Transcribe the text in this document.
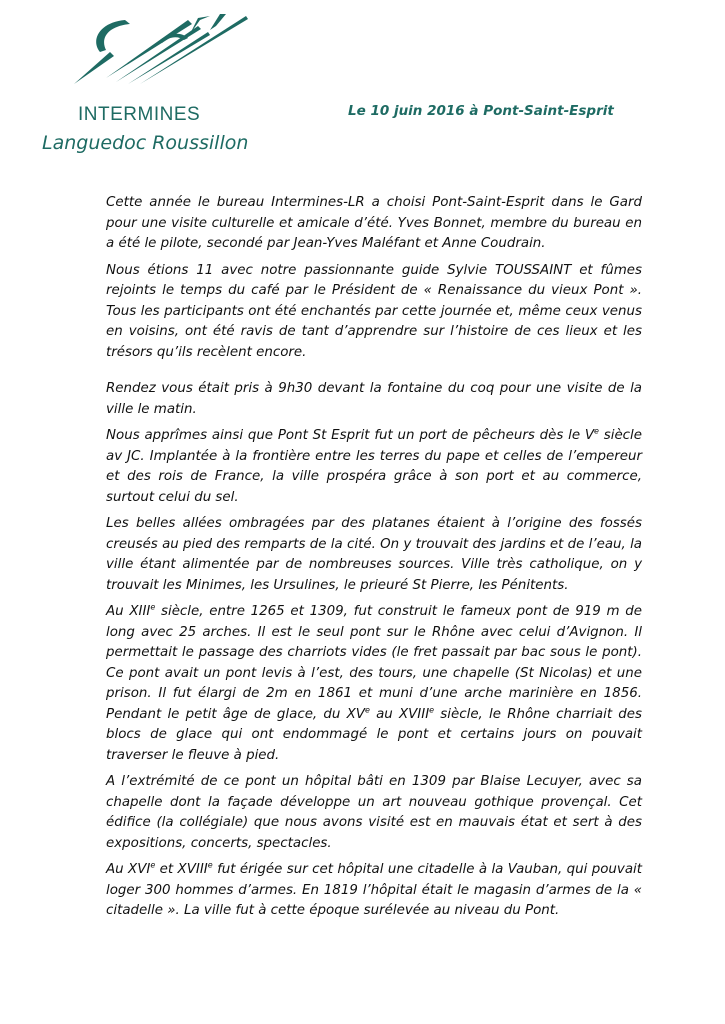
INTERMINES
Languedoc Roussillon
Le 10 juin 2016 à Pont-Saint-Esprit

Cette année le bureau Intermines-LR a choisi Pont-Saint-Esprit dans le Gard pour une visite culturelle et amicale d’été. Yves Bonnet, membre du bureau en a été le pilote, secondé par Jean-Yves Maléfant et Anne Coudrain.

Nous étions 11 avec notre passionnante guide Sylvie TOUSSAINT et fûmes rejoints le temps du café par le Président de « Renaissance du vieux Pont ». Tous les participants ont été enchantés par cette journée et, même ceux venus en voisins, ont été ravis de tant d’apprendre sur l’histoire de ces lieux et les trésors qu’ils recèlent encore.

Rendez vous était pris à 9h30 devant la fontaine du coq pour une visite de la ville le matin.

Nous apprîmes ainsi que Pont St Esprit fut un port de pêcheurs dès le Ve siècle av JC. Implantée à la frontière entre les terres du pape et celles de l’empereur et des rois de France, la ville prospéra grâce à son port et au commerce, surtout celui du sel.

Les belles allées ombragées par des platanes étaient à l’origine des fossés creusés au pied des remparts de la cité. On y trouvait des jardins et de l’eau, la ville étant alimentée par de nombreuses sources. Ville très catholique, on y trouvait les Minimes, les Ursulines, le prieuré St Pierre, les Pénitents.

Au XIIIe siècle, entre 1265 et 1309, fut construit le fameux pont de 919 m de long avec 25 arches. Il est le seul pont sur le Rhône avec celui d’Avignon. Il permettait le passage des charriots vides (le fret passait par bac sous le pont). Ce pont avait un pont levis à l’est, des tours, une chapelle (St Nicolas) et une prison. Il fut élargi de 2m en 1861 et muni d’une arche marinière en 1856. Pendant le petit âge de glace, du XVe au XVIIIe siècle, le Rhône charriait des blocs de glace qui ont endommagé le pont et certains jours on pouvait traverser le fleuve à pied.

A l’extrémité de ce pont un hôpital bâti en 1309 par Blaise Lecuyer, avec sa chapelle dont la façade développe un art nouveau gothique provençal. Cet édifice (la collégiale) que nous avons visité est en mauvais état et sert à des expositions, concerts, spectacles.

Au XVIe et XVIIIe fut érigée sur cet hôpital une citadelle à la Vauban, qui pouvait loger 300 hommes d’armes. En 1819 l’hôpital était le magasin d’armes de la « citadelle ». La ville fut à cette époque surélevée au niveau du Pont.
